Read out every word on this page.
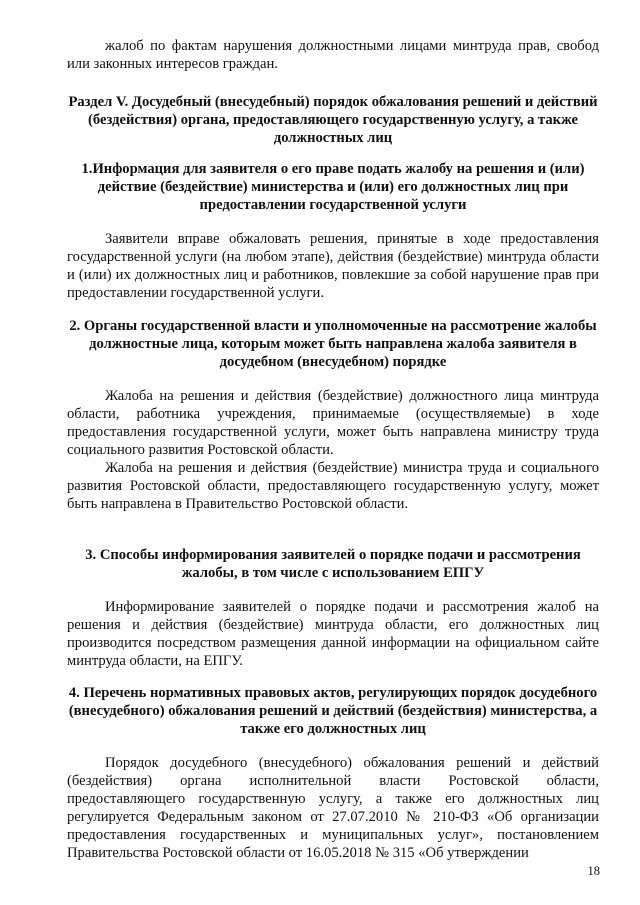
жалоб по фактам нарушения должностными лицами минтруда прав, свобод или законных интересов граждан.
Раздел V. Досудебный (внесудебный) порядок обжалования решений и действий (бездействия) органа, предоставляющего государственную услугу, а также должностных лиц
1.Информация для заявителя о его праве подать жалобу на решения и (или) действие (бездействие) министерства и (или) его должностных лиц при предоставлении государственной услуги

Заявители вправе обжаловать решения, принятые в ходе предоставления государственной услуги (на любом этапе), действия (бездействие) минтруда области и (или) их должностных лиц и работников, повлекшие за собой нарушение прав при предоставлении государственной услуги.

2. Органы государственной власти и уполномоченные на рассмотрение жалобы должностные лица, которым может быть направлена жалоба заявителя в досудебном (внесудебном) порядке

Жалоба на решения и действия (бездействие) должностного лица минтруда области, работника учреждения, принимаемые (осуществляемые) в ходе предоставления государственной услуги, может быть направлена министру труда социального развития Ростовской области.

Жалоба на решения и действия (бездействие) министра труда и социального развития Ростовской области, предоставляющего государственную услугу, может быть направлена в Правительство Ростовской области.

3. Способы информирования заявителей о порядке подачи и рассмотрения жалобы, в том числе с использованием ЕПГУ

Информирование заявителей о порядке подачи и рассмотрения жалоб на решения и действия (бездействие) минтруда области, его должностных лиц производится посредством размещения данной информации на официальном сайте минтруда области, на ЕПГУ.

4. Перечень нормативных правовых актов, регулирующих порядок досудебного (внесудебного) обжалования решений и действий (бездействия) министерства, а также его должностных лиц

Порядок досудебного (внесудебного) обжалования решений и действий (бездействия) органа исполнительной власти Ростовской области, предоставляющего государственную услугу, а также его должностных лиц регулируется Федеральным законом от 27.07.2010 № 210-ФЗ «Об организации предоставления государственных и муниципальных услуг», постановлением Правительства Ростовской области от 16.05.2018 № 315 «Об утверждении

18
